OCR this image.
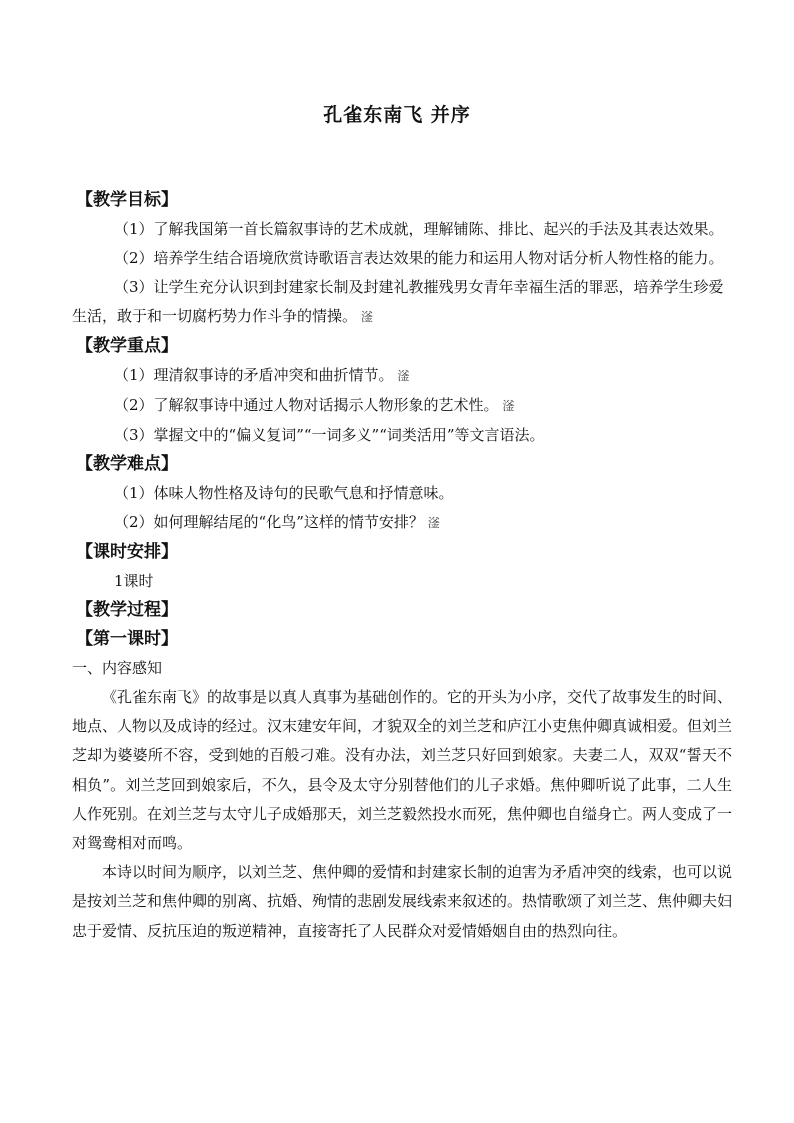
孔雀东南飞 并序
【教学目标】
（1）了解我国第一首长篇叙事诗的艺术成就，理解铺陈、排比、起兴的手法及其表达效果。
（2）培养学生结合语境欣赏诗歌语言表达效果的能力和运用人物对话分析人物性格的能力。
（3）让学生充分认识到封建家长制及封建礼教摧残男女青年幸福生活的罪恶，培养学生珍爱生活，敢于和一切腐朽势力作斗争的情操。 滏
【教学重点】
（1）理清叙事诗的矛盾冲突和曲折情节。 滏
（2）了解叙事诗中通过人物对话揭示人物形象的艺术性。 滏
（3）掌握文中的“偏义复词”“一词多义”“词类活用”等文言语法。
【教学难点】
（1）体味人物性格及诗句的民歌气息和抒情意味。
（2）如何理解结尾的“化鸟”这样的情节安排？ 滏
【课时安排】
1课时
【教学过程】
【第一课时】
一、内容感知
《孔雀东南飞》的故事是以真人真事为基础创作的。它的开头为小序，交代了故事发生的时间、地点、人物以及成诗的经过。汉末建安年间，才貌双全的刘兰芝和庐江小吏焦仲卿真诚相爱。但刘兰芝却为婆婆所不容，受到她的百般刁难。没有办法，刘兰芝只好回到娘家。夫妻二人，双双“誓天不相负”。刘兰芝回到娘家后，不久，县令及太守分别替他们的儿子求婚。焦仲卿听说了此事，二人生人作死别。在刘兰芝与太守儿子成婚那天，刘兰芝毅然投水而死，焦仲卿也自缢身亡。两人变成了一对鸳鸯相对而鸣。
本诗以时间为顺序，以刘兰芝、焦仲卿的爱情和封建家长制的迫害为矛盾冲突的线索，也可以说是按刘兰芝和焦仲卿的别离、抗婚、殉情的悲剧发展线索来叙述的。热情歌颂了刘兰芝、焦仲卿夫妇忠于爱情、反抗压迫的叛逆精神，直接寄托了人民群众对爱情婚姻自由的热烈向往。
